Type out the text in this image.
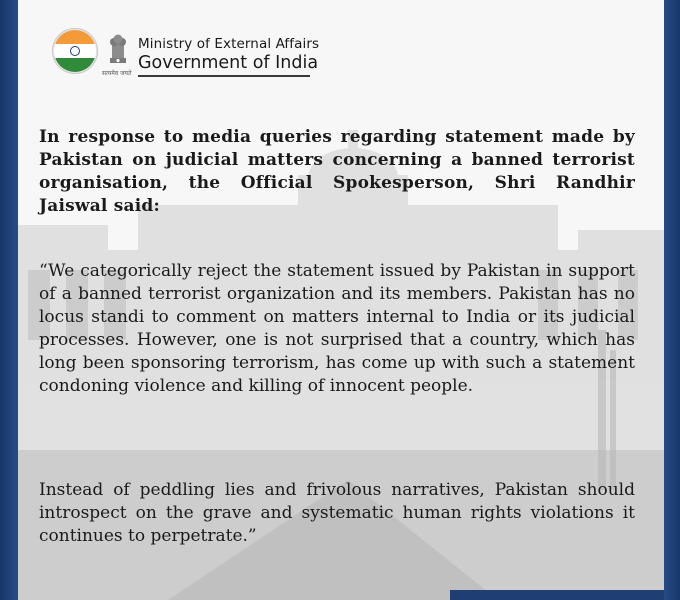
सत्यमेव जयते
Ministry of External Affairs
Government of India

In response to media queries regarding statement made by Pakistan on judicial matters concerning a banned terrorist organisation, the Official Spokesperson, Shri Randhir Jaiswal said:

“We categorically reject the statement issued by Pakistan in support of a banned terrorist organization and its members. Pakistan has no locus standi to comment on matters internal to India or its judicial processes. However, one is not surprised that a country, which has long been sponsoring terrorism, has come up with such a statement condoning violence and killing of innocent people.

Instead of peddling lies and frivolous narratives, Pakistan should introspect on the grave and systematic human rights violations it continues to perpetrate.”
